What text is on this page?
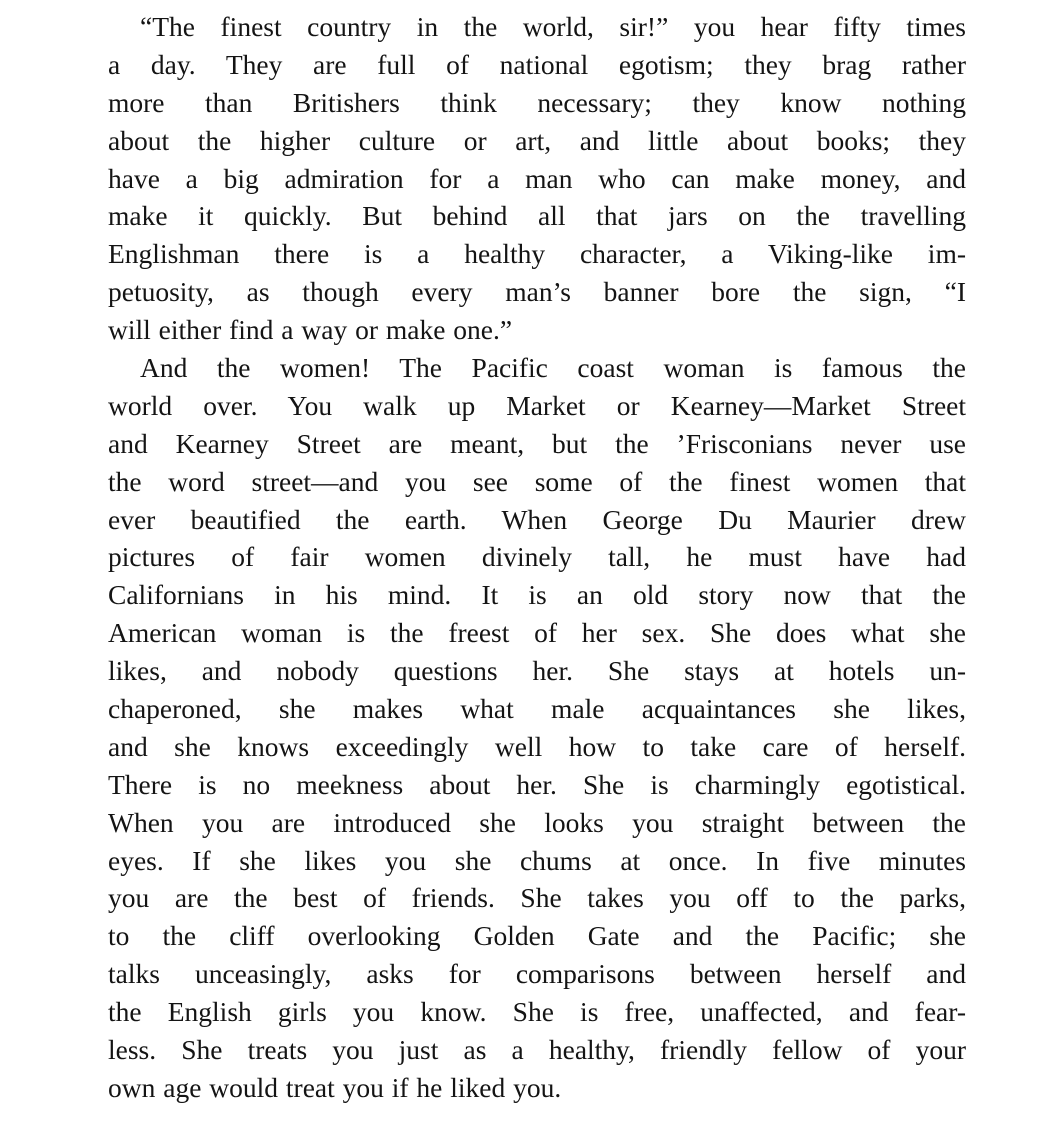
“The finest country in the world, sir!” you hear fifty times
a day. They are full of national egotism; they brag rather
more than Britishers think necessary; they know nothing
about the higher culture or art, and little about books; they
have a big admiration for a man who can make money, and
make it quickly. But behind all that jars on the travelling
Englishman there is a healthy character, a Viking-like im-
petuosity, as though every man’s banner bore the sign, “I
will either find a way or make one.”
And the women! The Pacific coast woman is famous the
world over. You walk up Market or Kearney—Market Street
and Kearney Street are meant, but the ’Frisconians never use
the word street—and you see some of the finest women that
ever beautified the earth. When George Du Maurier drew
pictures of fair women divinely tall, he must have had
Californians in his mind. It is an old story now that the
American woman is the freest of her sex. She does what she
likes, and nobody questions her. She stays at hotels un-
chaperoned, she makes what male acquaintances she likes,
and she knows exceedingly well how to take care of herself.
There is no meekness about her. She is charmingly egotistical.
When you are introduced she looks you straight between the
eyes. If she likes you she chums at once. In five minutes
you are the best of friends. She takes you off to the parks,
to the cliff overlooking Golden Gate and the Pacific; she
talks unceasingly, asks for comparisons between herself and
the English girls you know. She is free, unaffected, and fear-
less. She treats you just as a healthy, friendly fellow of your
own age would treat you if he liked you.
